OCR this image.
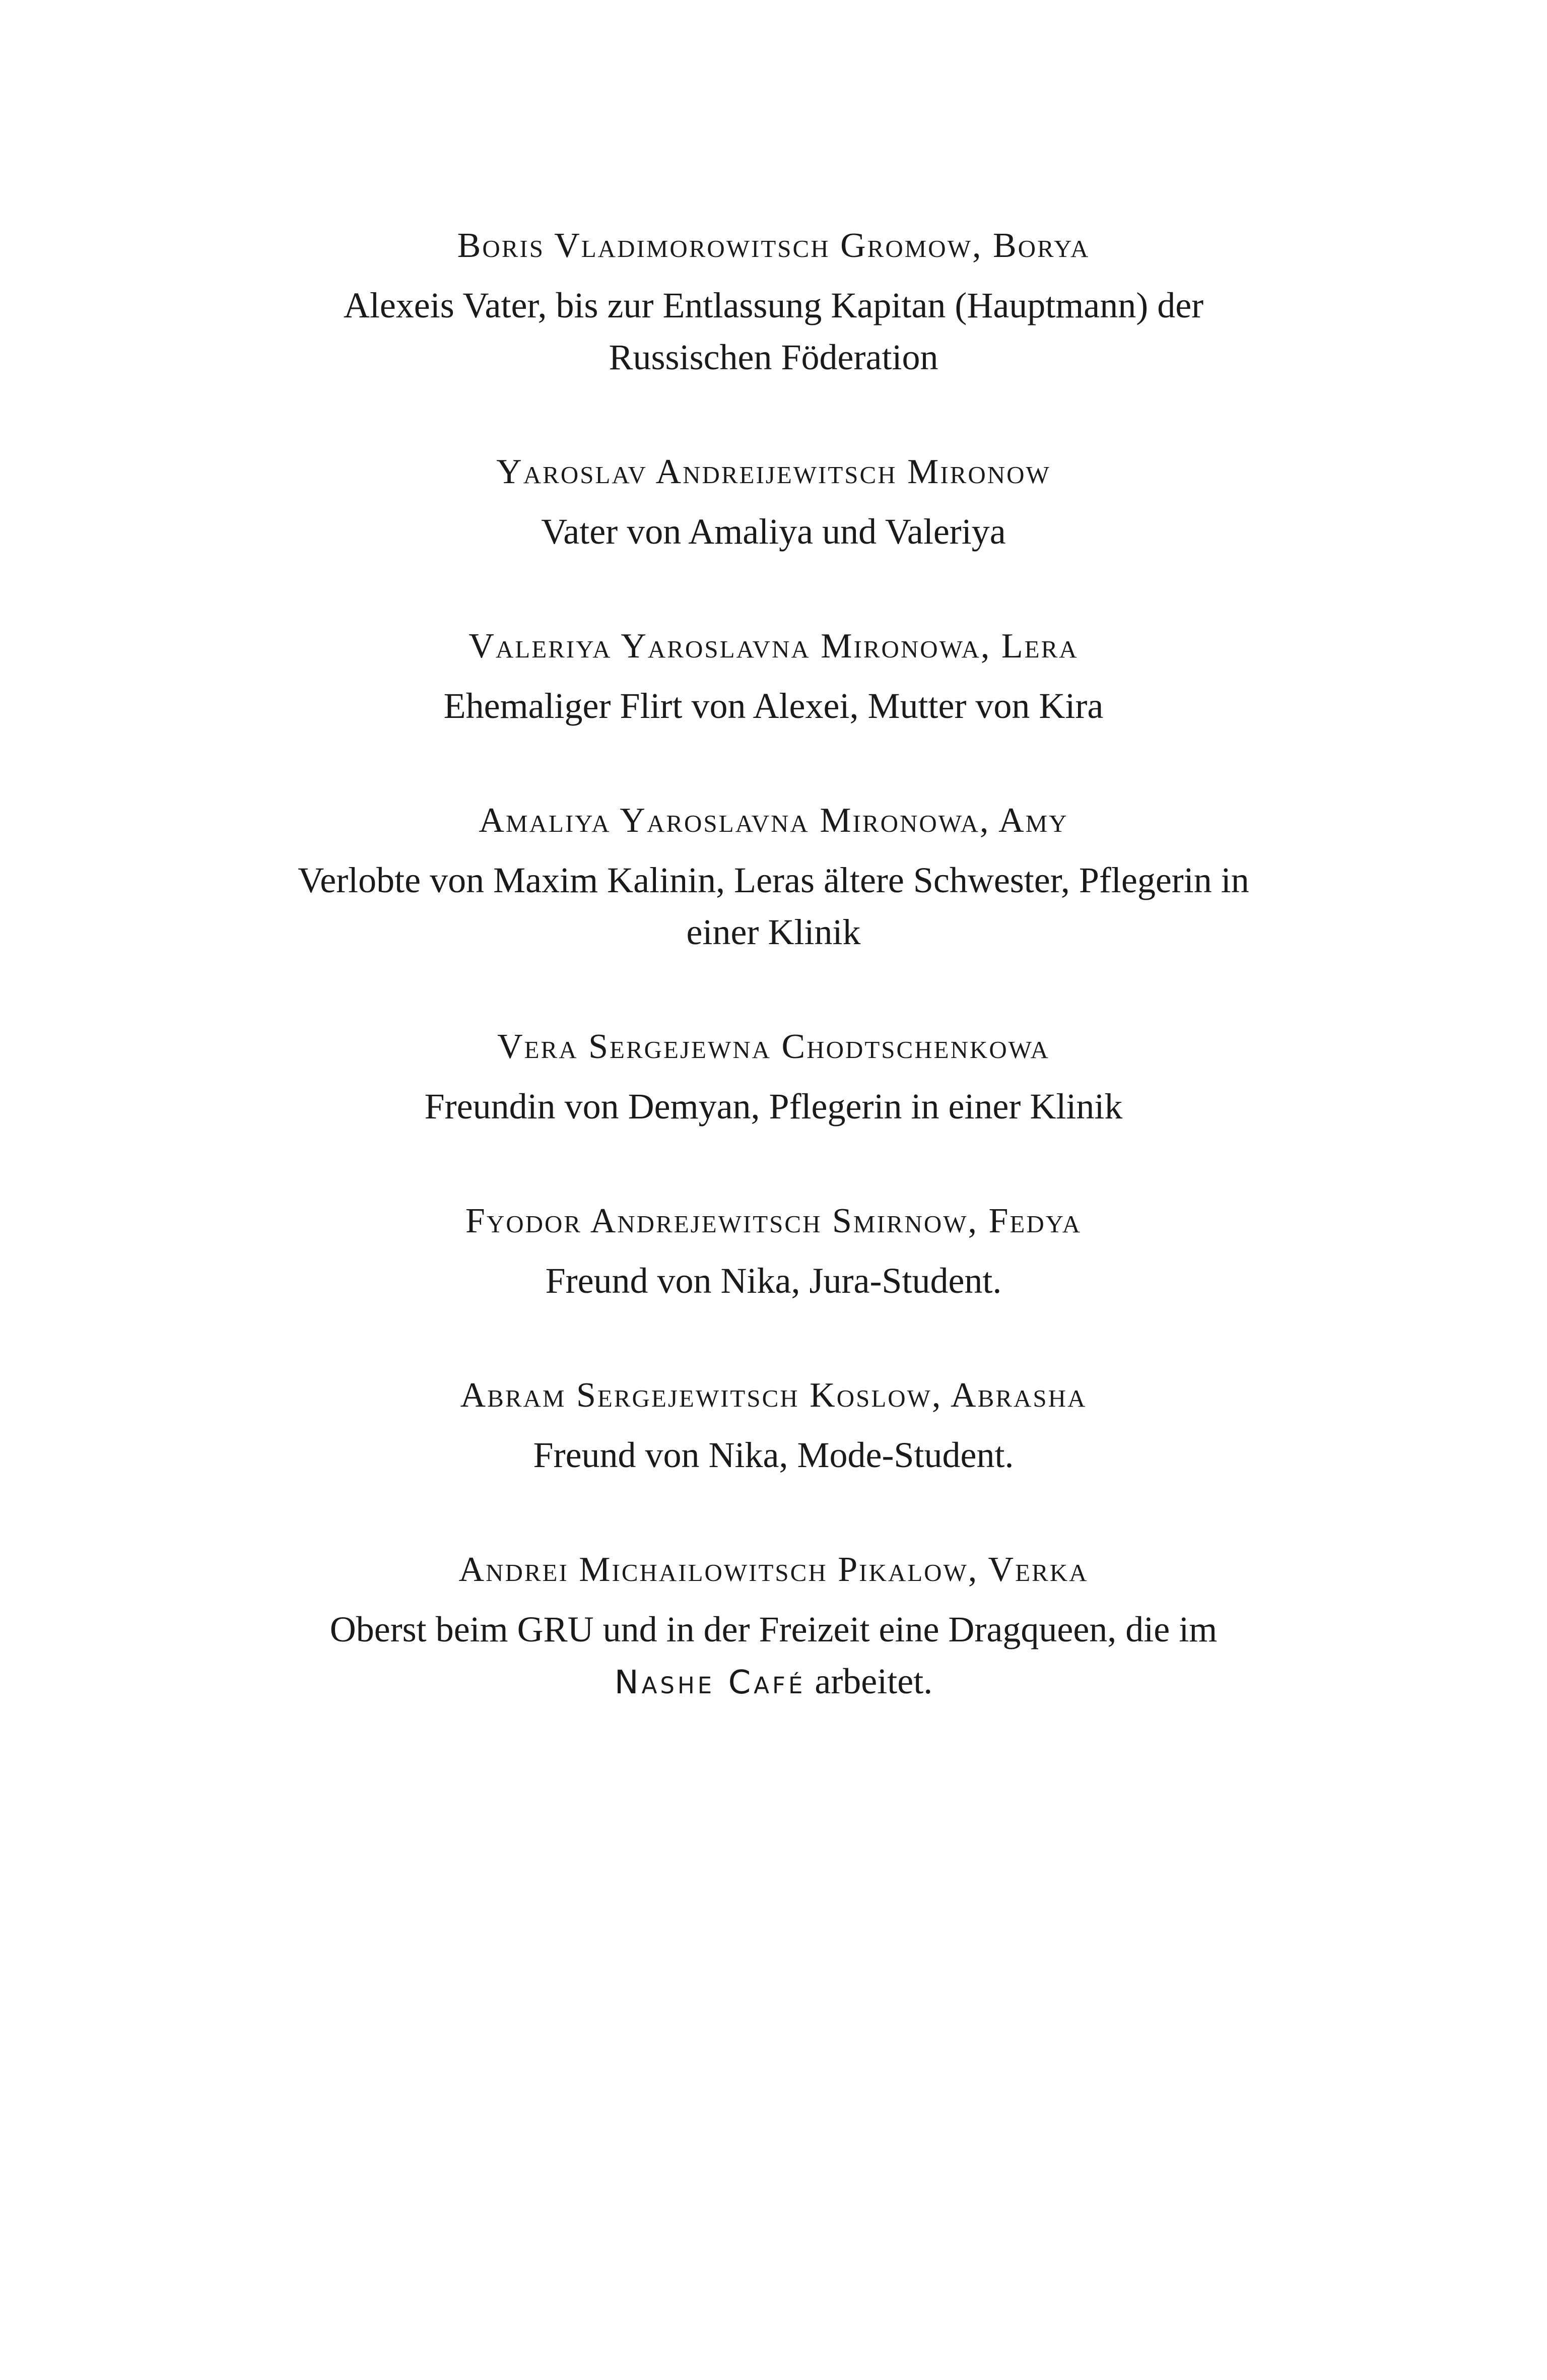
Boris Vladimorowitsch Gromow, Borya

Alexeis Vater, bis zur Entlassung Kapitan (Hauptmann) der Russischen Föderation

Yaroslav Andreijewitsch Mironow

Vater von Amaliya und Valeriya

Valeriya Yaroslavna Mironowa, Lera

Ehemaliger Flirt von Alexei, Mutter von Kira

Amaliya Yaroslavna Mironowa, Amy

Verlobte von Maxim Kalinin, Leras ältere Schwester, Pflegerin in einer Klinik

Vera Sergejewna Chodtschenkowa

Freundin von Demyan, Pflegerin in einer Klinik

Fyodor Andrejewitsch Smirnow, Fedya

Freund von Nika, Jura-Student.

Abram Sergejewitsch Koslow, Abrasha

Freund von Nika, Mode-Student.

Andrei Michailowitsch Pikalow, Verka

Oberst beim GRU und in der Freizeit eine Dragqueen, die im Nashe Café arbeitet.
